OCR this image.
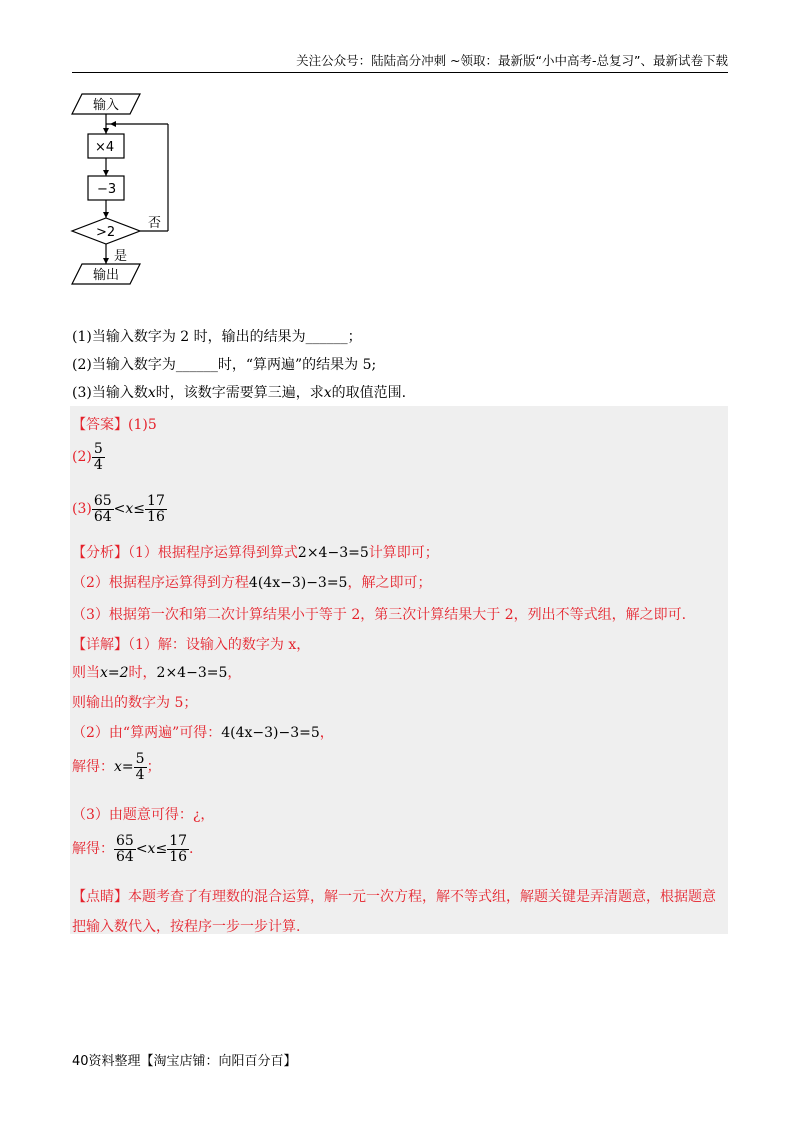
关注公众号：陆陆高分冲刺 ~领取：最新版“小中高考-总复习”、最新试卷下载
输入
×4
−3
>2
否
是
输出
(1)当输入数字为 2 时，输出的结果为______；
(2)当输入数字为______时，“算两遍”的结果为 5;
(3)当输入数x时，该数字需要算三遍，求x的取值范围.
【答案】(1)5
$(2) \frac{5}{4}$
$(3) \frac{65}{64} <x\le \frac{17}{16}$
【分析】（1）根据程序运算得到算式2×4−3=5计算即可；
（2）根据程序运算得到方程4(4x−3)−3=5，解之即可；
（3）根据第一次和第二次计算结果小于等于 2，第三次计算结果大于 2，列出不等式组，解之即可.
【详解】（1）解：设输入的数字为 x，
则当x=2时，2×4−3=5，
则输出的数字为 5；
（2）由“算两遍”可得：4(4x−3)−3=5，
解得：$x= \frac{5}{4}$ ；
（3）由题意可得：¿，
解得： $\frac{65}{64} <x\le \frac{17}{16}$ .
【点睛】本题考查了有理数的混合运算，解一元一次方程，解不等式组，解题关键是弄清题意，根据题意
把输入数代入，按程序一步一步计算.
40资料整理【淘宝店铺：向阳百分百】
